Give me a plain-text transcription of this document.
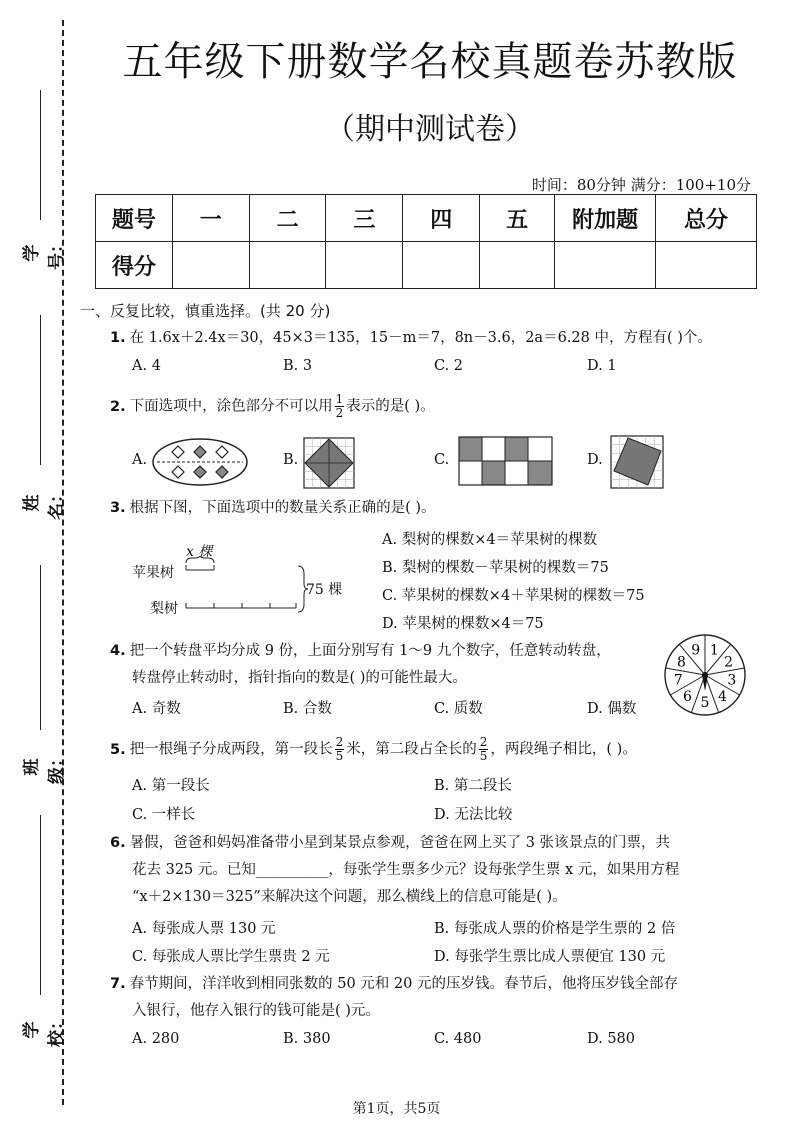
学号：
姓名：
班级：
学校：
五年级下册数学名校真题卷苏教版
（期中测试卷）
时间：80分钟 满分：100+10分
题号	一	二	三	四	五	附加题	总分
得分							
一、反复比较，慎重选择。(共 20 分)
1. 在 1.6x＋2.4x＝30，45×3＝135，15－m＝7，8n－3.6，2a＝6.28 中，方程有( )个。
A. 4	B. 3	C. 2	D. 1
2. 下面选项中，涂色部分不可以用 $\frac{1}{2}$ 表示的是( )。
A.	B.	C.	D.
3. 根据下图，下面选项中的数量关系正确的是( )。
x 棵
苹果树
梨树
75 棵
A. 梨树的棵数×4＝苹果树的棵数
B. 梨树的棵数－苹果树的棵数＝75
C. 苹果树的棵数×4＋苹果树的棵数＝75
D. 苹果树的棵数×4＝75
4. 把一个转盘平均分成 9 份，上面分别写有 1～9 九个数字，任意转动转盘，
转盘停止转动时，指针指向的数是( )的可能性最大。
A. 奇数	B. 合数	C. 质数	D. 偶数
1
2
3
4
5
6
7
8
9
5. 把一根绳子分成两段，第一段长 $\frac{2}{5}$ 米，第二段占全长的 $\frac{2}{5}$ ，两段绳子相比，( )。
A. 第一段长	B. 第二段长
C. 一样长	D. 无法比较
6. 暑假，爸爸和妈妈准备带小星到某景点参观，爸爸在网上买了 3 张该景点的门票，共
花去 325 元。已知__________，每张学生票多少元？设每张学生票 x 元，如果用方程
“x＋2×130＝325”来解决这个问题，那么横线上的信息可能是( )。
A. 每张成人票 130 元	B. 每张成人票的价格是学生票的 2 倍
C. 每张成人票比学生票贵 2 元	D. 每张学生票比成人票便宜 130 元
7. 春节期间，洋洋收到相同张数的 50 元和 20 元的压岁钱。春节后，他将压岁钱全部存
入银行，他存入银行的钱可能是( )元。
A. 280	B. 380	C. 480	D. 580
第1页，共5页
